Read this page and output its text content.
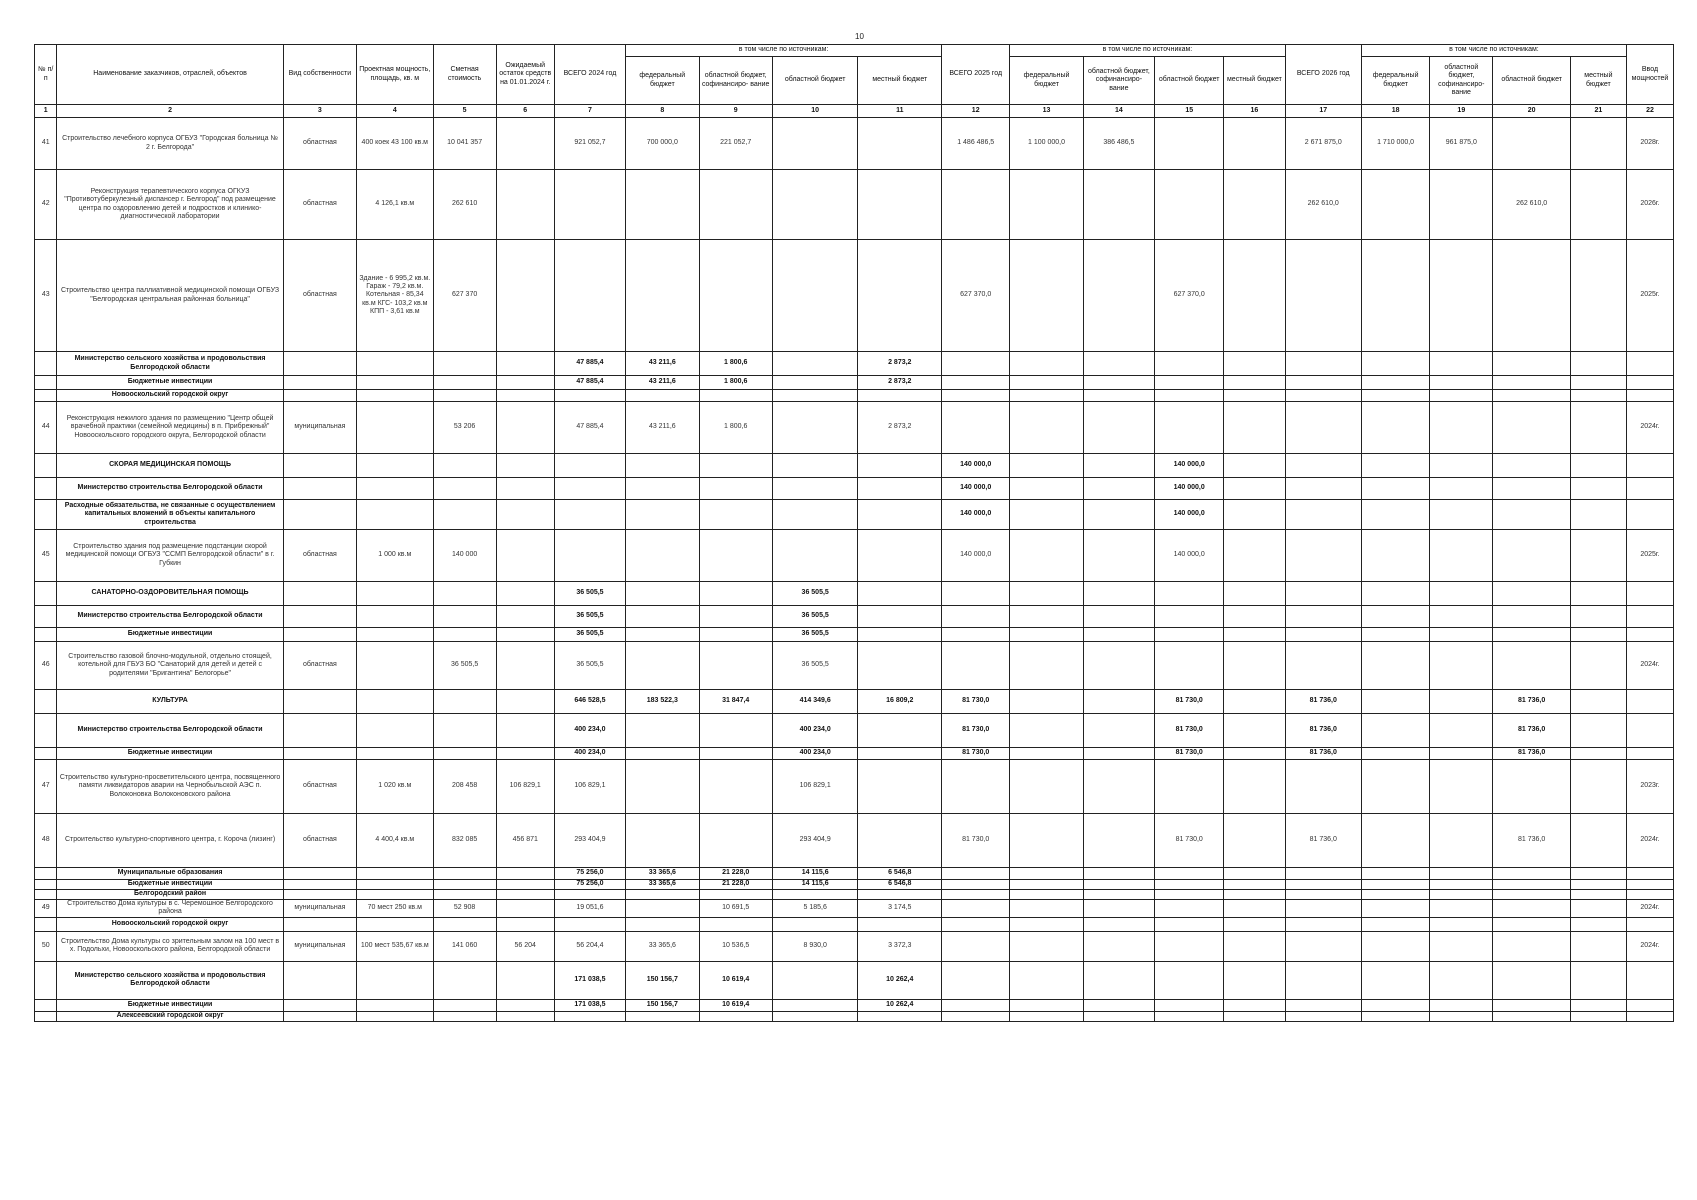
10
№ п/п	Наименование заказчиков, отраслей, объектов	Вид собственности	Проектная мощность, площадь, кв. м	Сметная стоимость	Ожидаемый остаток средств на 01.01.2024 г.	ВСЕГО 2024 год	в том числе по источникам:				ВСЕГО 2025 год	в том числе по источникам:				ВСЕГО 2026 год	в том числе по источникам:				Ввод мощностей
							федеральный бюджет	областной бюджет, софинансиро- вание	областной бюджет	местный бюджет		федеральный бюджет	областной бюджет, софинансиро- вание	областной бюджет	местный бюджет		федеральный бюджет	областной бюджет, софинансиро- вание	областной бюджет	местный бюджет	
1	2	3	4	5	6	7	8	9	10	11	12	13	14	15	16	17	18	19	20	21	22
41	Строительство лечебного корпуса ОГБУЗ "Городская больница № 2 г. Белгорода"	областная	400 коек 43 100 кв.м	10 041 357		921 052,7	700 000,0	221 052,7			1 486 486,5	1 100 000,0	386 486,5			2 671 875,0	1 710 000,0	961 875,0			2028г.
42	Реконструкция терапевтического корпуса ОГКУЗ "Противотуберкулезный диспансер г. Белгород" под размещение центра по оздоровлению детей и подростков и клинико-диагностической лаборатории	областная	4 126,1 кв.м	262 610												262 610,0			262 610,0		2026г.
43	Строительство центра паллиативной медицинской помощи ОГБУЗ "Белгородская центральная районная больница"	областная	Здание - 6 995,2 кв.м. Гараж - 79,2 кв.м. Котельная - 85,34 кв.м КГС- 103,2 кв.м КПП - 3,61 кв.м	627 370							627 370,0			627 370,0							2025г.
	Министерство сельского хозяйства и продовольствия Белгородской области					47 885,4	43 211,6	1 800,6		2 873,2											
	Бюджетные инвестиции					47 885,4	43 211,6	1 800,6		2 873,2											
	Новооскольский городской округ																				
44	Реконструкция нежилого здания по размещению "Центр общей врачебной практики (семейной медицины) в п. Прибрежный" Новооскольского городского округа, Белгородской области	муниципальная		53 206		47 885,4	43 211,6	1 800,6		2 873,2											2024г.
	СКОРАЯ МЕДИЦИНСКАЯ ПОМОЩЬ										140 000,0			140 000,0							
	Министерство строительства Белгородской области										140 000,0			140 000,0							
	Расходные обязательства, не связанные с осуществлением капитальных вложений в объекты капитального строительства										140 000,0			140 000,0							
45	Строительство здания под размещение подстанции скорой медицинской помощи ОГБУЗ "ССМП Белгородской области" в г. Губкин	областная	1 000 кв.м	140 000							140 000,0			140 000,0							2025г.
	САНАТОРНО-ОЗДОРОВИТЕЛЬНАЯ ПОМОЩЬ					36 505,5			36 505,5												
	Министерство строительства Белгородской области					36 505,5			36 505,5												
	Бюджетные инвестиции					36 505,5			36 505,5												
46	Строительство газовой блочно-модульной, отдельно стоящей, котельной для ГБУЗ БО "Санаторий для детей и детей с родителями "Бригантина" Белогорье"	областная		36 505,5		36 505,5			36 505,5												2024г.
	КУЛЬТУРА					646 528,5	183 522,3	31 847,4	414 349,6	16 809,2	81 730,0			81 730,0		81 736,0			81 736,0		
	Министерство строительства Белгородской области					400 234,0			400 234,0		81 730,0			81 730,0		81 736,0			81 736,0		
	Бюджетные инвестиции					400 234,0			400 234,0		81 730,0			81 730,0		81 736,0			81 736,0		
47	Строительство культурно-просветительского центра, посвященного памяти ликвидаторов аварии на Чернобыльской АЭС п. Волоконовка Волоконовского района	областная	1 020 кв.м	208 458	106 829,1	106 829,1			106 829,1												2023г.
48	Строительство культурно-спортивного центра, г. Короча (лизинг)	областная	4 400,4 кв.м	832 085	456 871	293 404,9			293 404,9		81 730,0			81 730,0		81 736,0			81 736,0		2024г.
	Муниципальные образования					75 256,0	33 365,6	21 228,0	14 115,6	6 546,8											
	Бюджетные инвестиции					75 256,0	33 365,6	21 228,0	14 115,6	6 546,8											
	Белгородский район																				
49	Строительство Дома культуры в с. Черемошное Белгородского района	муниципальная	70 мест 250 кв.м	52 908		19 051,6		10 691,5	5 185,6	3 174,5											2024г.
	Новооскольский городской округ																				
50	Строительство Дома культуры со зрительным залом на 100 мест в х. Подольхи, Новооскольского района, Белгородской области	муниципальная	100 мест 535,67 кв.м	141 060	56 204	56 204,4	33 365,6	10 536,5	8 930,0	3 372,3											2024г.
	Министерство сельского хозяйства и продовольствия Белгородской области					171 038,5	150 156,7	10 619,4		10 262,4											
	Бюджетные инвестиции					171 038,5	150 156,7	10 619,4		10 262,4											
	Алексеевский городской округ																				
